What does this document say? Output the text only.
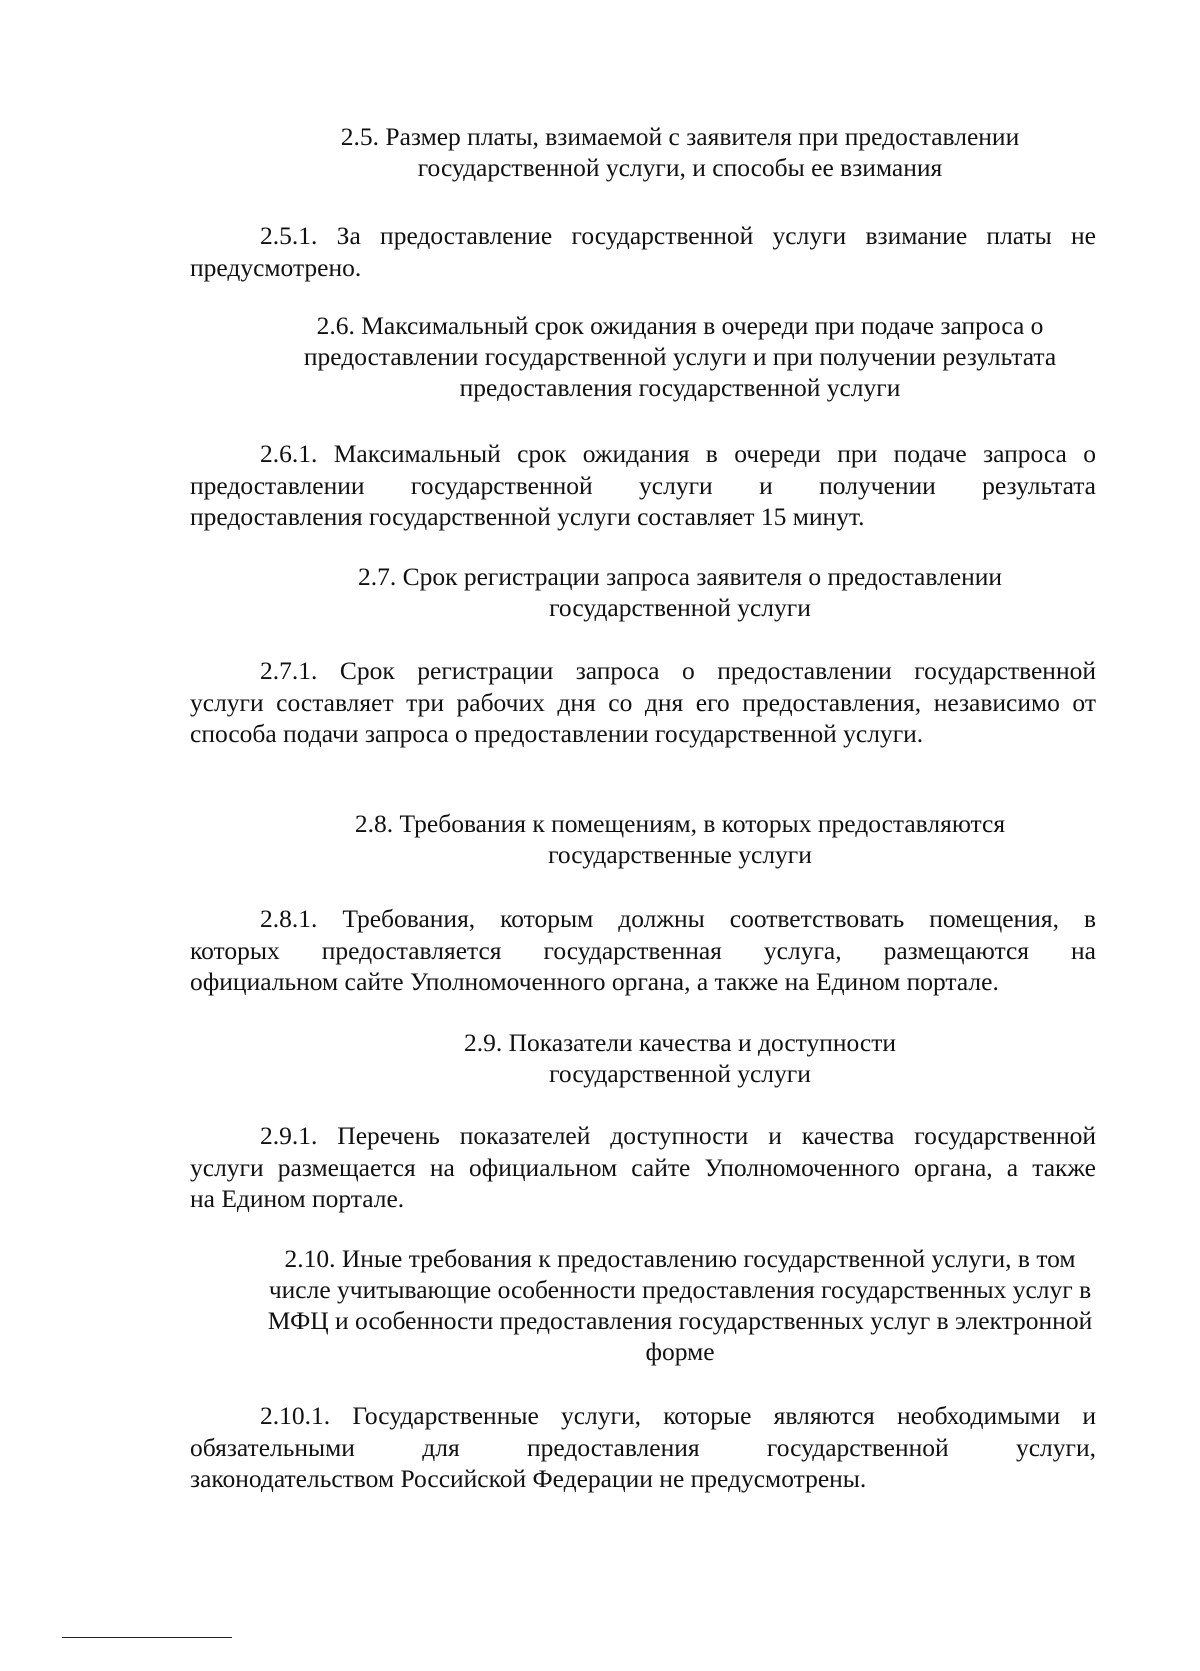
2.5. Размер платы, взимаемой с заявителя при предоставлении
государственной услуги, и способы ее взимания
2.5.1. За предоставление государственной услуги взимание платы не
предусмотрено.
2.6. Максимальный срок ожидания в очереди при подаче запроса о
предоставлении государственной услуги и при получении результата
предоставления государственной услуги
2.6.1. Максимальный срок ожидания в очереди при подаче запроса о
предоставлении государственной услуги и получении результата
предоставления государственной услуги составляет 15 минут.
2.7. Срок регистрации запроса заявителя о предоставлении
государственной услуги
2.7.1. Срок регистрации запроса о предоставлении государственной
услуги составляет три рабочих дня со дня его предоставления, независимо от
способа подачи запроса о предоставлении государственной услуги.
2.8. Требования к помещениям, в которых предоставляются
государственные услуги
2.8.1. Требования, которым должны соответствовать помещения, в
которых предоставляется государственная услуга, размещаются на
официальном сайте Уполномоченного органа, а также на Едином портале.
2.9. Показатели качества и доступности
государственной услуги
2.9.1. Перечень показателей доступности и качества государственной
услуги размещается на официальном сайте Уполномоченного органа, а также
на Едином портале.
2.10. Иные требования к предоставлению государственной услуги, в том
числе учитывающие особенности предоставления государственных услуг в
МФЦ и особенности предоставления государственных услуг в электронной
форме
2.10.1. Государственные услуги, которые являются необходимыми и
обязательными для предоставления государственной услуги,
законодательством Российской Федерации не предусмотрены.
